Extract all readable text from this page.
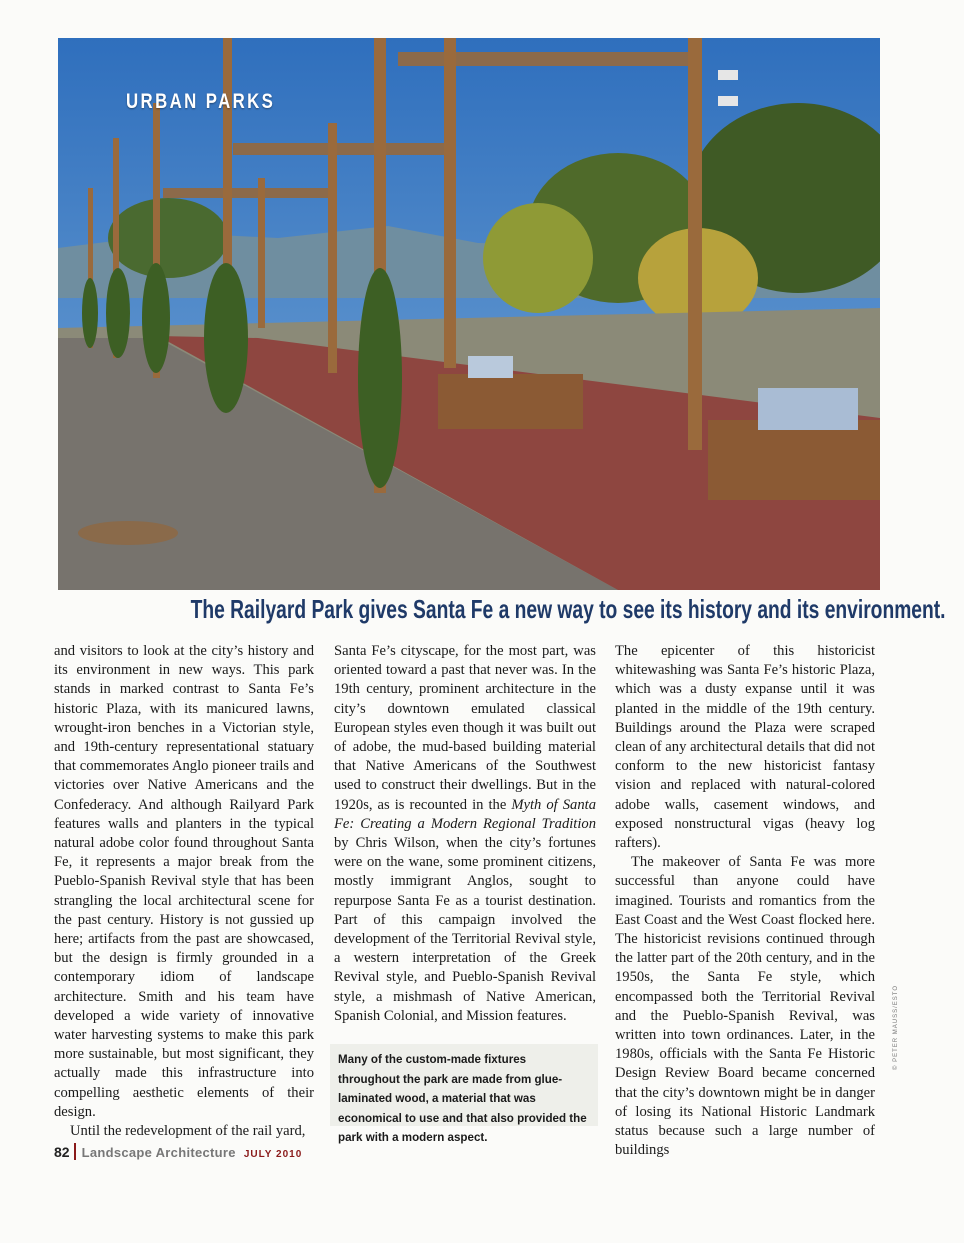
URBAN PARKS
The Railyard Park gives Santa Fe a new way to see its history and its environment.

and visitors to look at the city’s history and its environment in new ways. This park stands in marked contrast to Santa Fe’s historic Plaza, with its manicured lawns, wrought-iron benches in a Victorian style, and 19th-century representational statuary that commemorates Anglo pioneer trails and victories over Native Americans and the Confederacy. And although Railyard Park features walls and planters in the typical natural adobe color found throughout Santa Fe, it represents a major break from the Pueblo-Spanish Revival style that has been strangling the local architectural scene for the past century. History is not gussied up here; artifacts from the past are showcased, but the design is firmly grounded in a contemporary idiom of landscape architecture. Smith and his team have developed a wide variety of innovative water harvesting systems to make this park more sustainable, but most significant, they actually made this infrastructure into compelling aesthetic elements of their design.

Until the redevelopment of the rail yard,

Santa Fe’s cityscape, for the most part, was oriented toward a past that never was. In the 19th century, prominent architecture in the city’s downtown emulated classical European styles even though it was built out of adobe, the mud-based building material that Native Americans of the Southwest used to construct their dwellings. But in the 1920s, as is recounted in the Myth of Santa Fe: Creating a Modern Regional Tradition by Chris Wilson, when the city’s fortunes were on the wane, some prominent citizens, mostly immigrant Anglos, sought to repurpose Santa Fe as a tourist destination. Part of this campaign involved the development of the Territorial Revival style, a western interpretation of the Greek Revival style, and Pueblo-Spanish Revival style, a mishmash of Native American, Spanish Colonial, and Mission features.

Many of the custom-made fixtures throughout the park are made from glue-laminated wood, a material that was economical to use and that also provided the park with a modern aspect.

The epicenter of this historicist whitewashing was Santa Fe’s historic Plaza, which was a dusty expanse until it was planted in the middle of the 19th century. Buildings around the Plaza were scraped clean of any architectural details that did not conform to the new historicist fantasy vision and replaced with natural-colored adobe walls, casement windows, and exposed nonstructural vigas (heavy log rafters).

The makeover of Santa Fe was more successful than anyone could have imagined. Tourists and romantics from the East Coast and the West Coast flocked here. The historicist revisions continued through the latter part of the 20th century, and in the 1950s, the Santa Fe style, which encompassed both the Territorial Revival and the Pueblo-Spanish Revival, was written into town ordinances. Later, in the 1980s, officials with the Santa Fe Historic Design Review Board became concerned that the city’s downtown might be in danger of losing its National Historic Landmark status because such a large number of buildings

82 Landscape Architecture JULY 2010
© PETER MAUSS/ESTO
